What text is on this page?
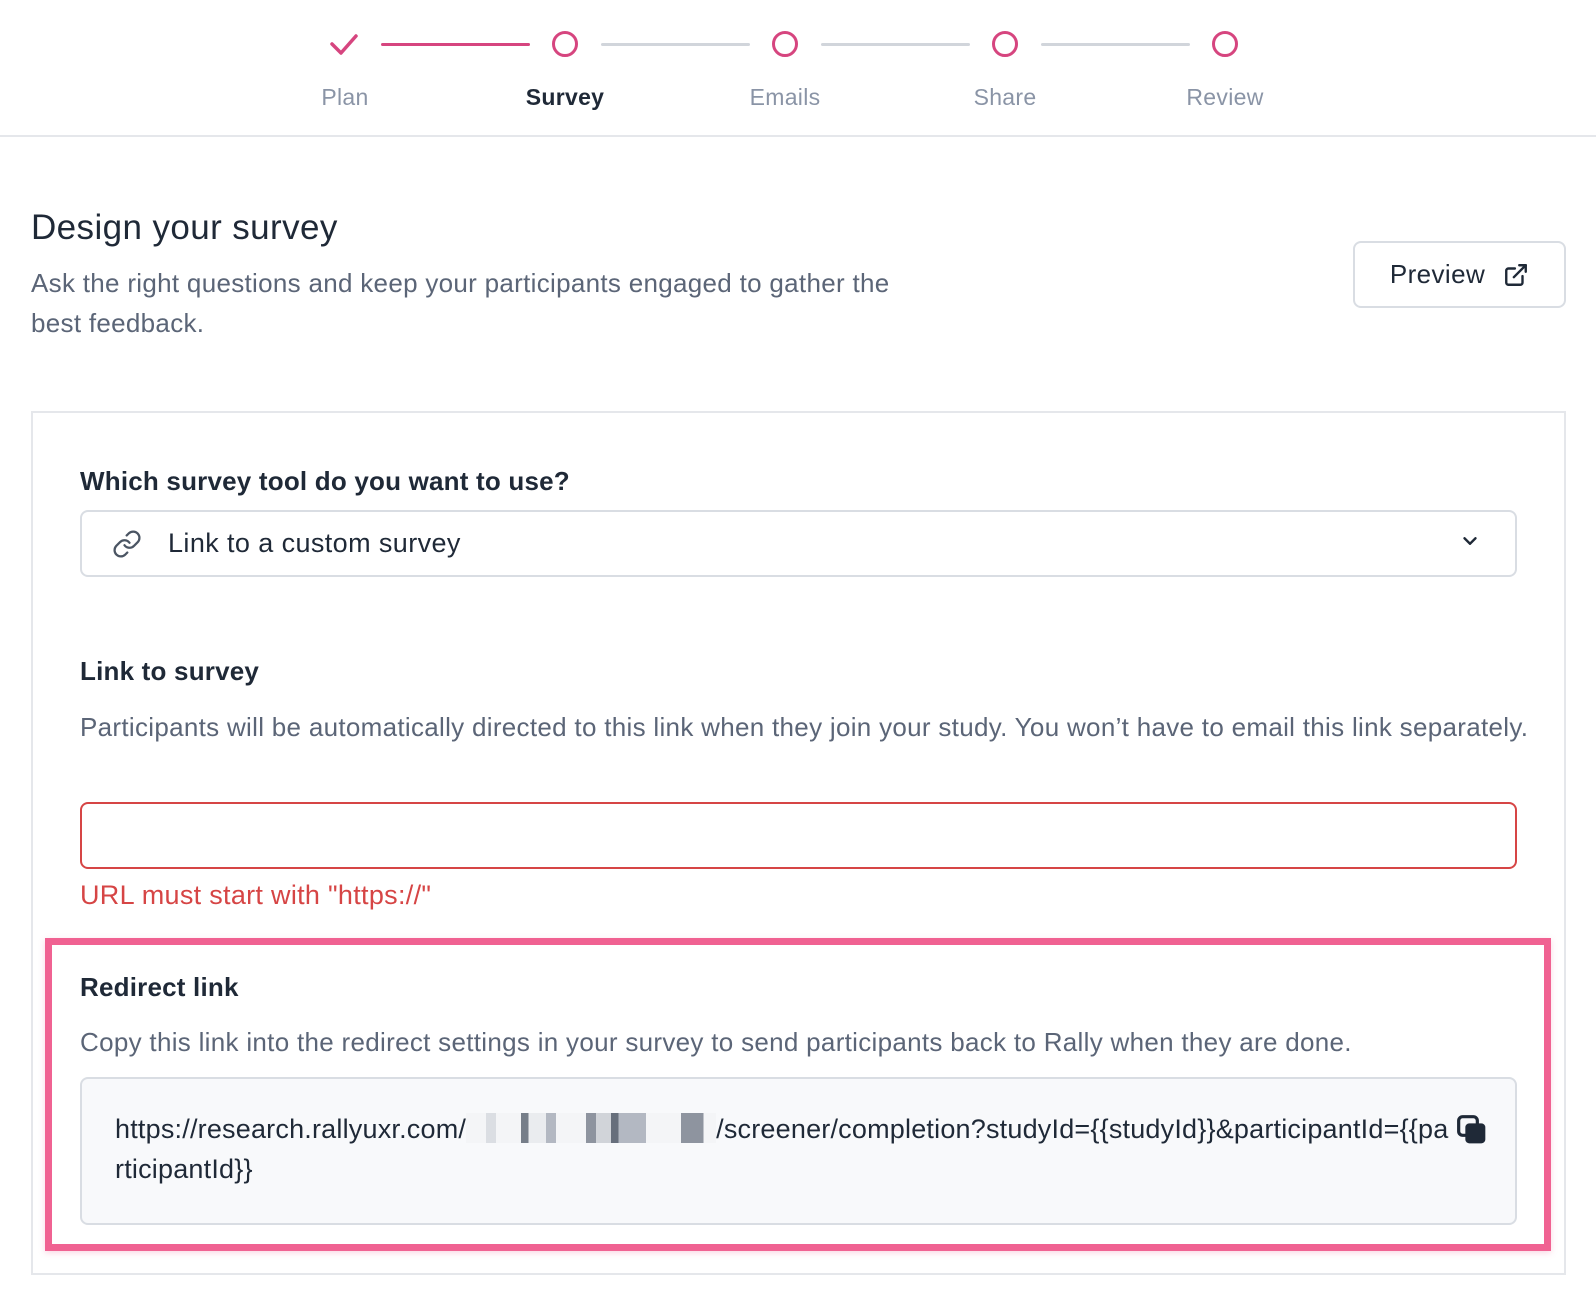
Plan	Survey	Emails	Share	Review
Design your survey

Ask the right questions and keep your participants engaged to gather the best feedback.

Preview
Which survey tool do you want to use?
Link to a custom survey
Link to survey

Participants will be automatically directed to this link when they join your study. You won’t have to email this link separately.

URL must start with "https://"

Redirect link

Copy this link into the redirect settings in your survey to send participants back to Rally when they are done.

https://research.rallyuxr.com/	/screener/completion?studyId={{studyId}}&participantId={{participantId}}
